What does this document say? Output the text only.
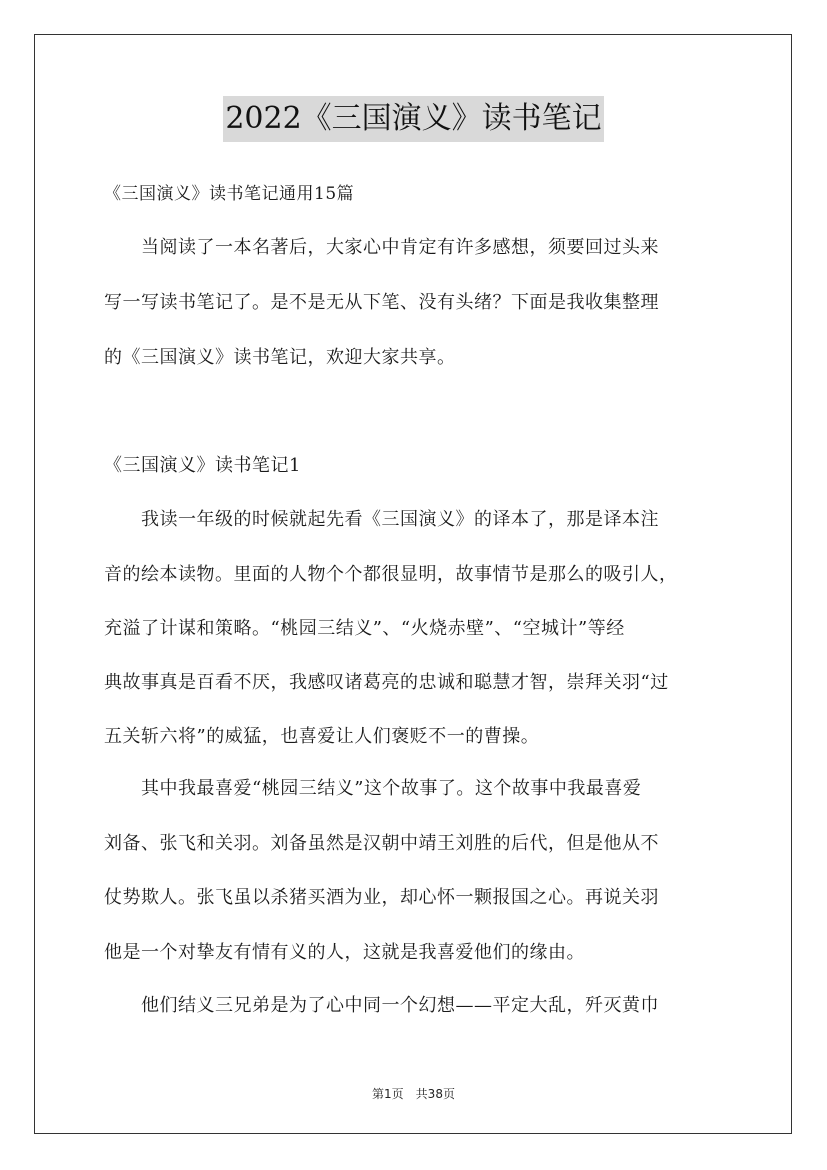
2022《三国演义》读书笔记
《三国演义》读书笔记通用15篇
　　当阅读了一本名著后，大家心中肯定有许多感想，须要回过头来
写一写读书笔记了。是不是无从下笔、没有头绪？下面是我收集整理
的《三国演义》读书笔记，欢迎大家共享。
《三国演义》读书笔记1
　　我读一年级的时候就起先看《三国演义》的译本了，那是译本注
音的绘本读物。里面的人物个个都很显明，故事情节是那么的吸引人，
充溢了计谋和策略。“桃园三结义”、“火烧赤壁”、“空城计”等经
典故事真是百看不厌，我感叹诸葛亮的忠诚和聪慧才智，崇拜关羽“过
五关斩六将”的威猛，也喜爱让人们褒贬不一的曹操。
　　其中我最喜爱“桃园三结义”这个故事了。这个故事中我最喜爱
刘备、张飞和关羽。刘备虽然是汉朝中靖王刘胜的后代，但是他从不
仗势欺人。张飞虽以杀猪买酒为业，却心怀一颗报国之心。再说关羽
他是一个对挚友有情有义的人，这就是我喜爱他们的缘由。
　　他们结义三兄弟是为了心中同一个幻想——平定大乱，歼灭黄巾
第1页　共38页
